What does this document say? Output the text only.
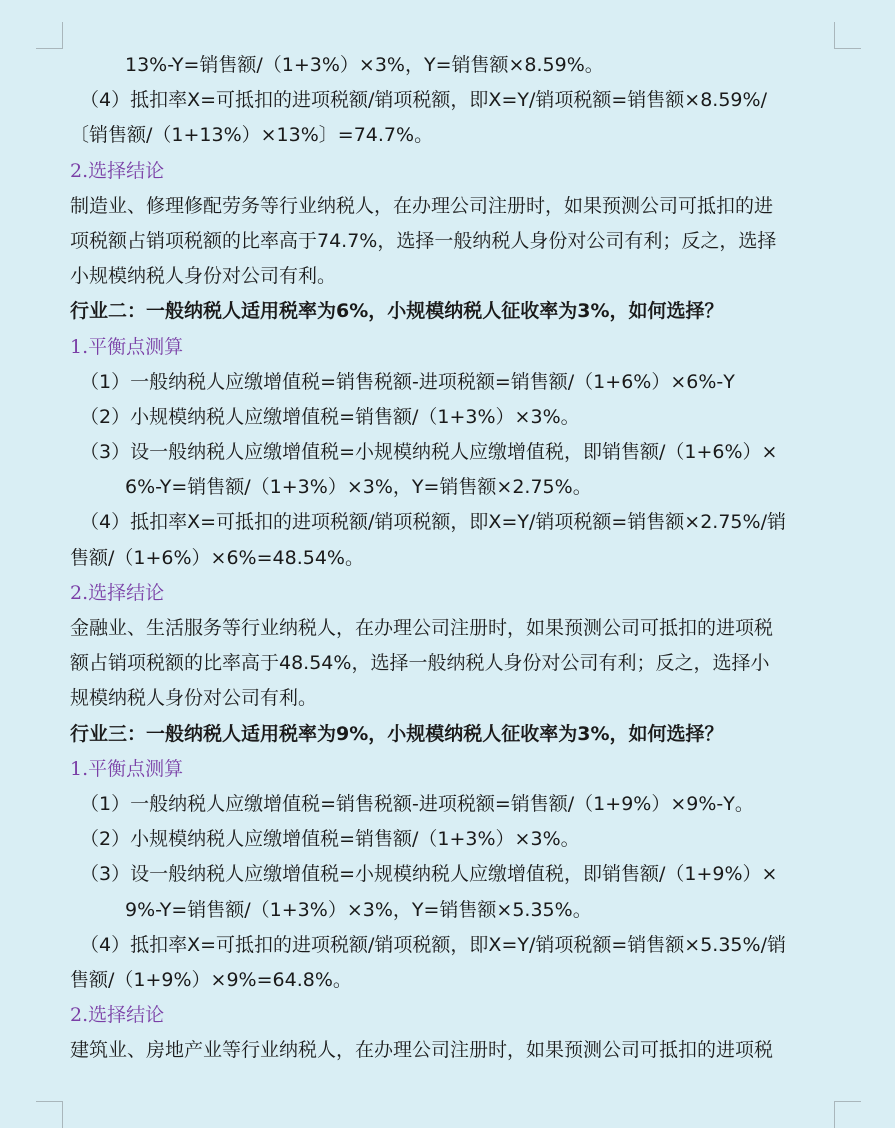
13%-Y=销售额/（1+3%）×3%，Y=销售额×8.59%。
（4）抵扣率X=可抵扣的进项税额/销项税额，即X=Y/销项税额=销售额×8.59%/
〔销售额/（1+13%）×13%〕=74.7%。
2.选择结论
制造业、修理修配劳务等行业纳税人，在办理公司注册时，如果预测公司可抵扣的进
项税额占销项税额的比率高于74.7%，选择一般纳税人身份对公司有利；反之，选择
小规模纳税人身份对公司有利。
行业二：一般纳税人适用税率为6%，小规模纳税人征收率为3%，如何选择？
1.平衡点测算
（1）一般纳税人应缴增值税=销售税额-进项税额=销售额/（1+6%）×6%-Y
（2）小规模纳税人应缴增值税=销售额/（1+3%）×3%。
（3）设一般纳税人应缴增值税=小规模纳税人应缴增值税，即销售额/（1+6%）×
6%-Y=销售额/（1+3%）×3%，Y=销售额×2.75%。
（4）抵扣率X=可抵扣的进项税额/销项税额，即X=Y/销项税额=销售额×2.75%/销
售额/（1+6%）×6%=48.54%。
2.选择结论
金融业、生活服务等行业纳税人，在办理公司注册时，如果预测公司可抵扣的进项税
额占销项税额的比率高于48.54%，选择一般纳税人身份对公司有利；反之，选择小
规模纳税人身份对公司有利。
行业三：一般纳税人适用税率为9%，小规模纳税人征收率为3%，如何选择？
1.平衡点测算
（1）一般纳税人应缴增值税=销售税额-进项税额=销售额/（1+9%）×9%-Y。
（2）小规模纳税人应缴增值税=销售额/（1+3%）×3%。
（3）设一般纳税人应缴增值税=小规模纳税人应缴增值税，即销售额/（1+9%）×
9%-Y=销售额/（1+3%）×3%，Y=销售额×5.35%。
（4）抵扣率X=可抵扣的进项税额/销项税额，即X=Y/销项税额=销售额×5.35%/销
售额/（1+9%）×9%=64.8%。
2.选择结论
建筑业、房地产业等行业纳税人，在办理公司注册时，如果预测公司可抵扣的进项税
